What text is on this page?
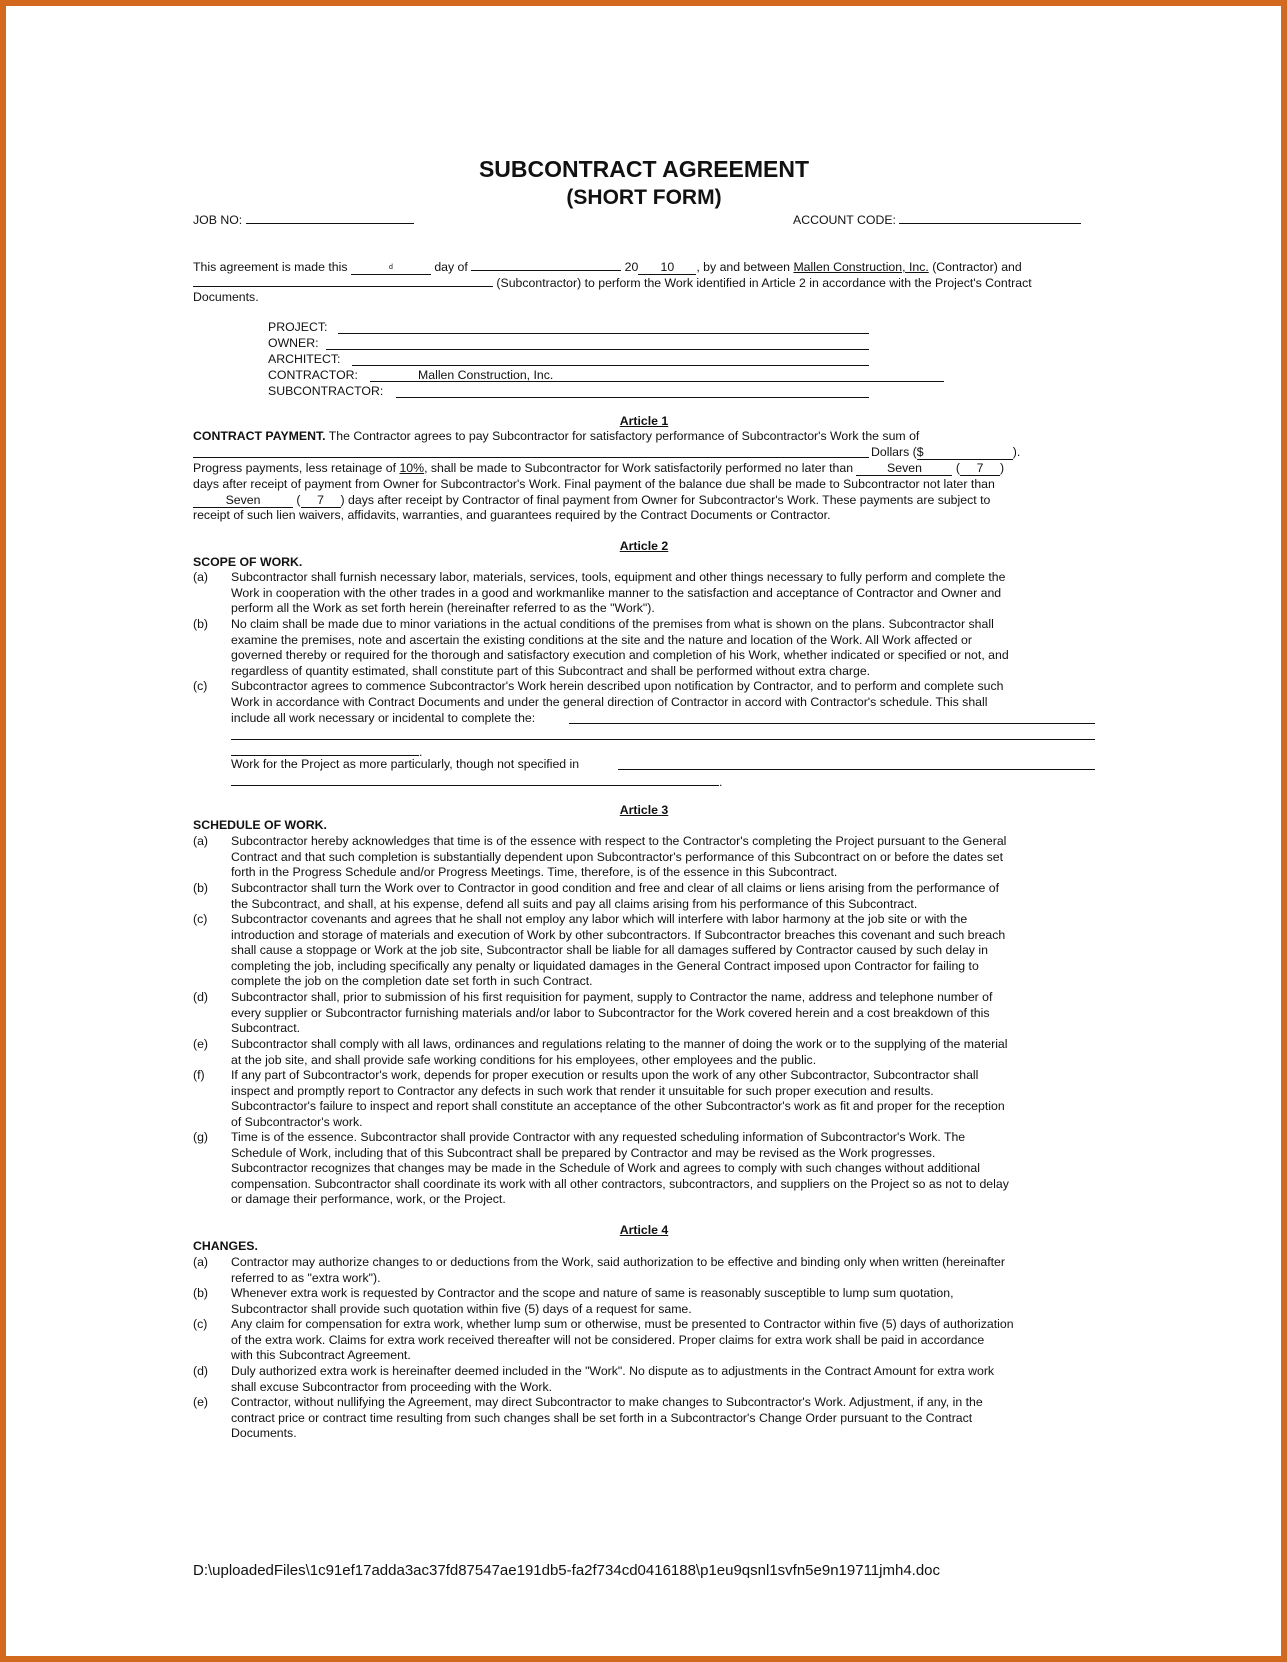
SUBCONTRACT AGREEMENT
(SHORT FORM)
JOB NO:	ACCOUNT CODE:
This agreement is made this	$^d$	day of	20 10 , by and between Mallen Construction, Inc. (Contractor) and
(Subcontractor) to perform the Work identified in Article 2 in accordance with the Project's Contract
Documents.
PROJECT:
OWNER:
ARCHITECT:
CONTRACTOR:	Mallen Construction, Inc.
SUBCONTRACTOR:
Article 1
CONTRACT PAYMENT. The Contractor agrees to pay Subcontractor for satisfactory performance of Subcontractor's Work the sum of
Dollars ($	).
Progress payments, less retainage of 10%, shall be made to Subcontractor for Work satisfactorily performed no later than	Seven ( 7 )
days after receipt of payment from Owner for Subcontractor's Work. Final payment of the balance due shall be made to Subcontractor not later than
Seven	( 7 ) days after receipt by Contractor of final payment from Owner for Subcontractor's Work. These payments are subject to
receipt of such lien waivers, affidavits, warranties, and guarantees required by the Contract Documents or Contractor.
Article 2
SCOPE OF WORK.
(a) Subcontractor shall furnish necessary labor, materials, services, tools, equipment and other things necessary to fully perform and complete the
Work in cooperation with the other trades in a good and workmanlike manner to the satisfaction and acceptance of Contractor and Owner and
perform all the Work as set forth herein (hereinafter referred to as the "Work").
(b) No claim shall be made due to minor variations in the actual conditions of the premises from what is shown on the plans. Subcontractor shall
examine the premises, note and ascertain the existing conditions at the site and the nature and location of the Work. All Work affected or
governed thereby or required for the thorough and satisfactory execution and completion of his Work, whether indicated or specified or not, and
regardless of quantity estimated, shall constitute part of this Subcontract and shall be performed without extra charge.
(c) Subcontractor agrees to commence Subcontractor's Work herein described upon notification by Contractor, and to perform and complete such
Work in accordance with Contract Documents and under the general direction of Contractor in accord with Contractor's schedule. This shall
include all work necessary or incidental to complete the:
.
Work for the Project as more particularly, though not specified in
.
Article 3
SCHEDULE OF WORK.
(a) Subcontractor hereby acknowledges that time is of the essence with respect to the Contractor's completing the Project pursuant to the General
Contract and that such completion is substantially dependent upon Subcontractor's performance of this Subcontract on or before the dates set
forth in the Progress Schedule and/or Progress Meetings. Time, therefore, is of the essence in this Subcontract.
(b) Subcontractor shall turn the Work over to Contractor in good condition and free and clear of all claims or liens arising from the performance of
the Subcontract, and shall, at his expense, defend all suits and pay all claims arising from his performance of this Subcontract.
(c) Subcontractor covenants and agrees that he shall not employ any labor which will interfere with labor harmony at the job site or with the
introduction and storage of materials and execution of Work by other subcontractors. If Subcontractor breaches this covenant and such breach
shall cause a stoppage or Work at the job site, Subcontractor shall be liable for all damages suffered by Contractor caused by such delay in
completing the job, including specifically any penalty or liquidated damages in the General Contract imposed upon Contractor for failing to
complete the job on the completion date set forth in such Contract.
(d) Subcontractor shall, prior to submission of his first requisition for payment, supply to Contractor the name, address and telephone number of
every supplier or Subcontractor furnishing materials and/or labor to Subcontractor for the Work covered herein and a cost breakdown of this
Subcontract.
(e) Subcontractor shall comply with all laws, ordinances and regulations relating to the manner of doing the work or to the supplying of the material
at the job site, and shall provide safe working conditions for his employees, other employees and the public.
(f) If any part of Subcontractor's work, depends for proper execution or results upon the work of any other Subcontractor, Subcontractor shall
inspect and promptly report to Contractor any defects in such work that render it unsuitable for such proper execution and results.
Subcontractor's failure to inspect and report shall constitute an acceptance of the other Subcontractor's work as fit and proper for the reception
of Subcontractor's work.
(g) Time is of the essence. Subcontractor shall provide Contractor with any requested scheduling information of Subcontractor's Work. The
Schedule of Work, including that of this Subcontract shall be prepared by Contractor and may be revised as the Work progresses.
Subcontractor recognizes that changes may be made in the Schedule of Work and agrees to comply with such changes without additional
compensation. Subcontractor shall coordinate its work with all other contractors, subcontractors, and suppliers on the Project so as not to delay
or damage their performance, work, or the Project.
Article 4
CHANGES.
(a) Contractor may authorize changes to or deductions from the Work, said authorization to be effective and binding only when written (hereinafter
referred to as "extra work").
(b) Whenever extra work is requested by Contractor and the scope and nature of same is reasonably susceptible to lump sum quotation,
Subcontractor shall provide such quotation within five (5) days of a request for same.
(c) Any claim for compensation for extra work, whether lump sum or otherwise, must be presented to Contractor within five (5) days of authorization
of the extra work. Claims for extra work received thereafter will not be considered. Proper claims for extra work shall be paid in accordance
with this Subcontract Agreement.
(d) Duly authorized extra work is hereinafter deemed included in the "Work". No dispute as to adjustments in the Contract Amount for extra work
shall excuse Subcontractor from proceeding with the Work.
(e) Contractor, without nullifying the Agreement, may direct Subcontractor to make changes to Subcontractor's Work. Adjustment, if any, in the
contract price or contract time resulting from such changes shall be set forth in a Subcontractor's Change Order pursuant to the Contract
Documents.
D:\uploadedFiles\1c91ef17adda3ac37fd87547ae191db5-fa2f734cd0416188\p1eu9qsnl1svfn5e9n19711jmh4.doc
